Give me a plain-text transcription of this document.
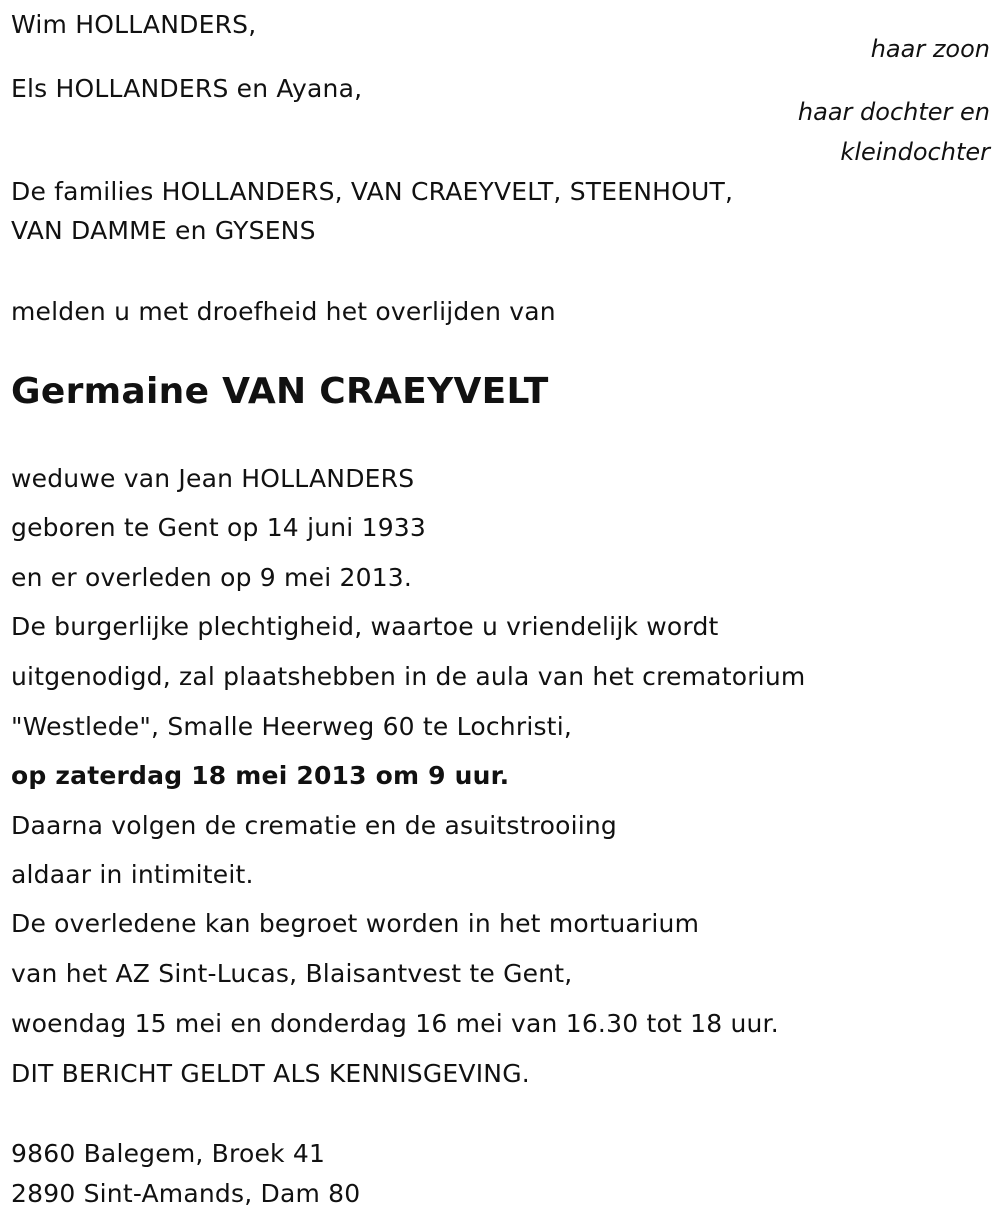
Wim HOLLANDERS,
haar zoon
Els HOLLANDERS en Ayana,
haar dochter en
kleindochter
De families HOLLANDERS, VAN CRAEYVELT, STEENHOUT,
VAN DAMME en GYSENS
melden u met droefheid het overlijden van
Germaine VAN CRAEYVELT
weduwe van Jean HOLLANDERS
geboren te Gent op 14 juni 1933
en er overleden op 9 mei 2013.
De burgerlijke plechtigheid, waartoe u vriendelijk wordt
uitgenodigd, zal plaatshebben in de aula van het crematorium
"Westlede", Smalle Heerweg 60 te Lochristi,
op zaterdag 18 mei 2013 om 9 uur.
Daarna volgen de crematie en de asuitstrooiing
aldaar in intimiteit.
De overledene kan begroet worden in het mortuarium
van het AZ Sint-Lucas, Blaisantvest te Gent,
woendag 15 mei en donderdag 16 mei van 16.30 tot 18 uur.
DIT BERICHT GELDT ALS KENNISGEVING.
9860 Balegem, Broek 41
2890 Sint-Amands, Dam 80
